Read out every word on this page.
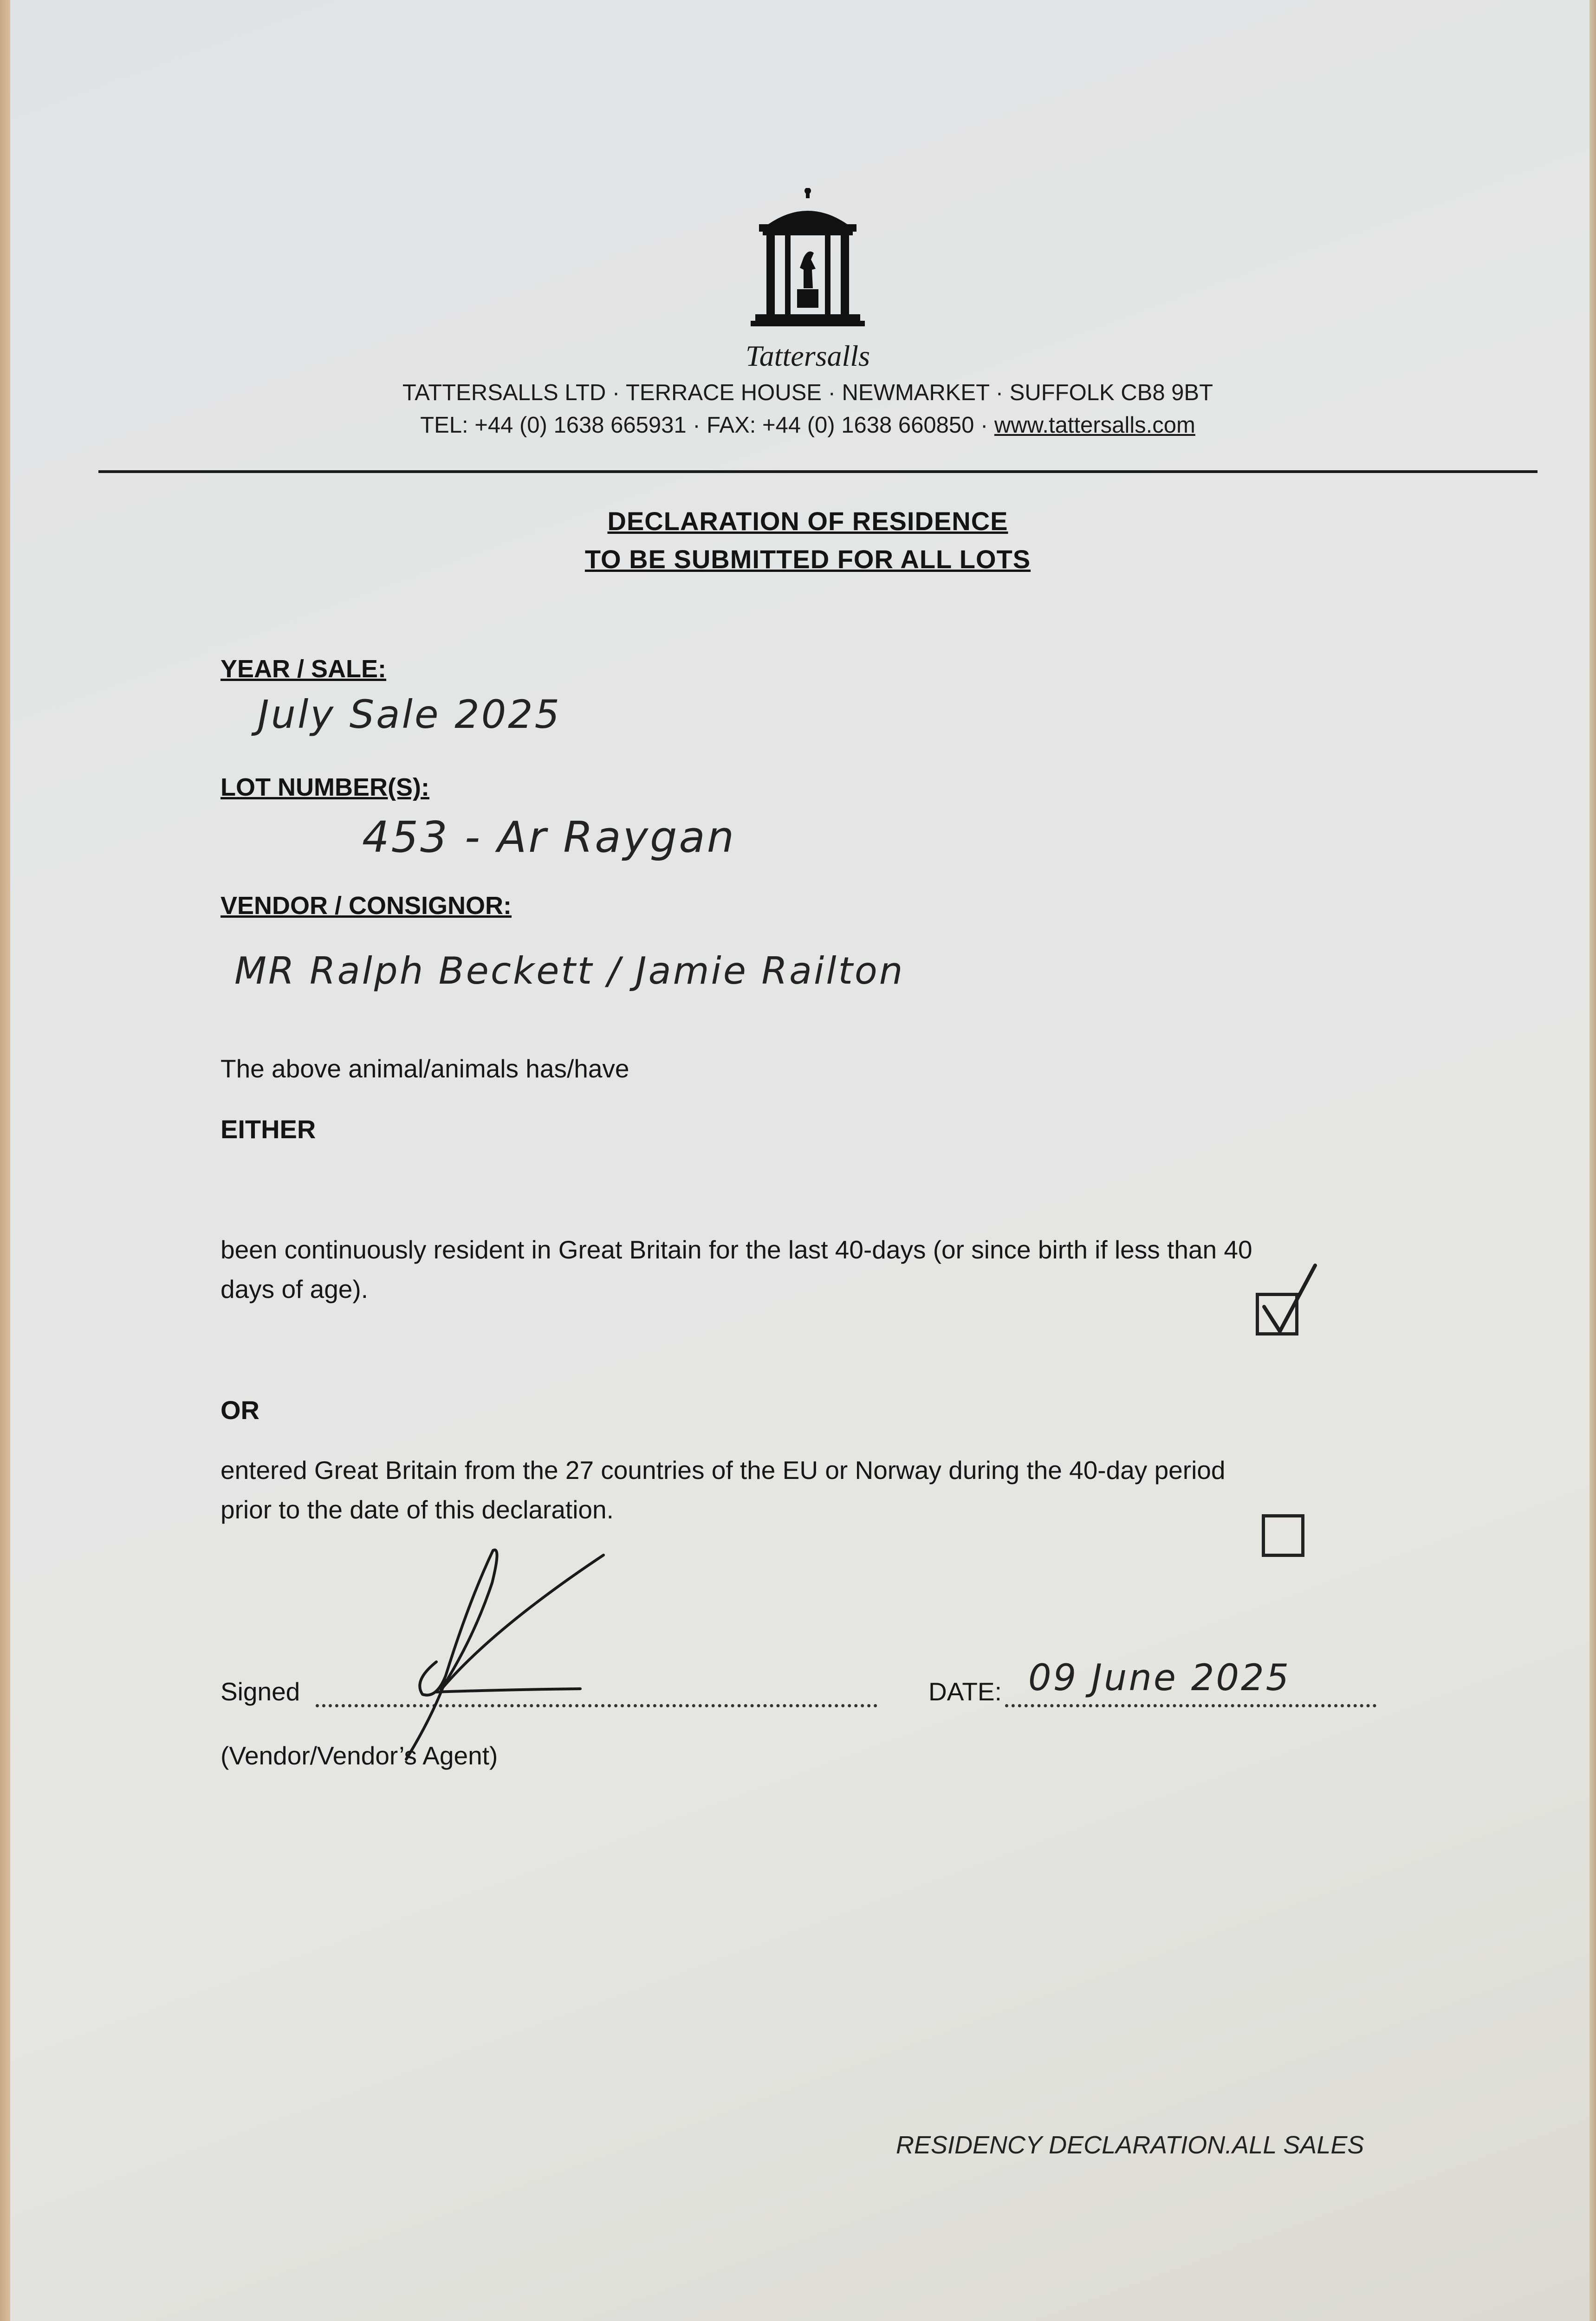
Tattersalls
TATTERSALLS LTD · TERRACE HOUSE · NEWMARKET · SUFFOLK CB8 9BT
TEL: +44 (0) 1638 665931 · FAX: +44 (0) 1638 660850 · www.tattersalls.com
DECLARATION OF RESIDENCE
TO BE SUBMITTED FOR ALL LOTS
YEAR / SALE:
July Sale 2025
LOT NUMBER(S):
453 - Ar Raygan
VENDOR / CONSIGNOR:
MR Ralph Beckett / Jamie Railton
The above animal/animals has/have
EITHER
been continuously resident in Great Britain for the last 40-days (or since birth if less than 40
days of age).
OR
entered Great Britain from the 27 countries of the EU or Norway during the 40-day period
prior to the date of this declaration.
Signed	DATE: 09 June 2025
(Vendor/Vendor’s Agent)
RESIDENCY DECLARATION.ALL SALES
